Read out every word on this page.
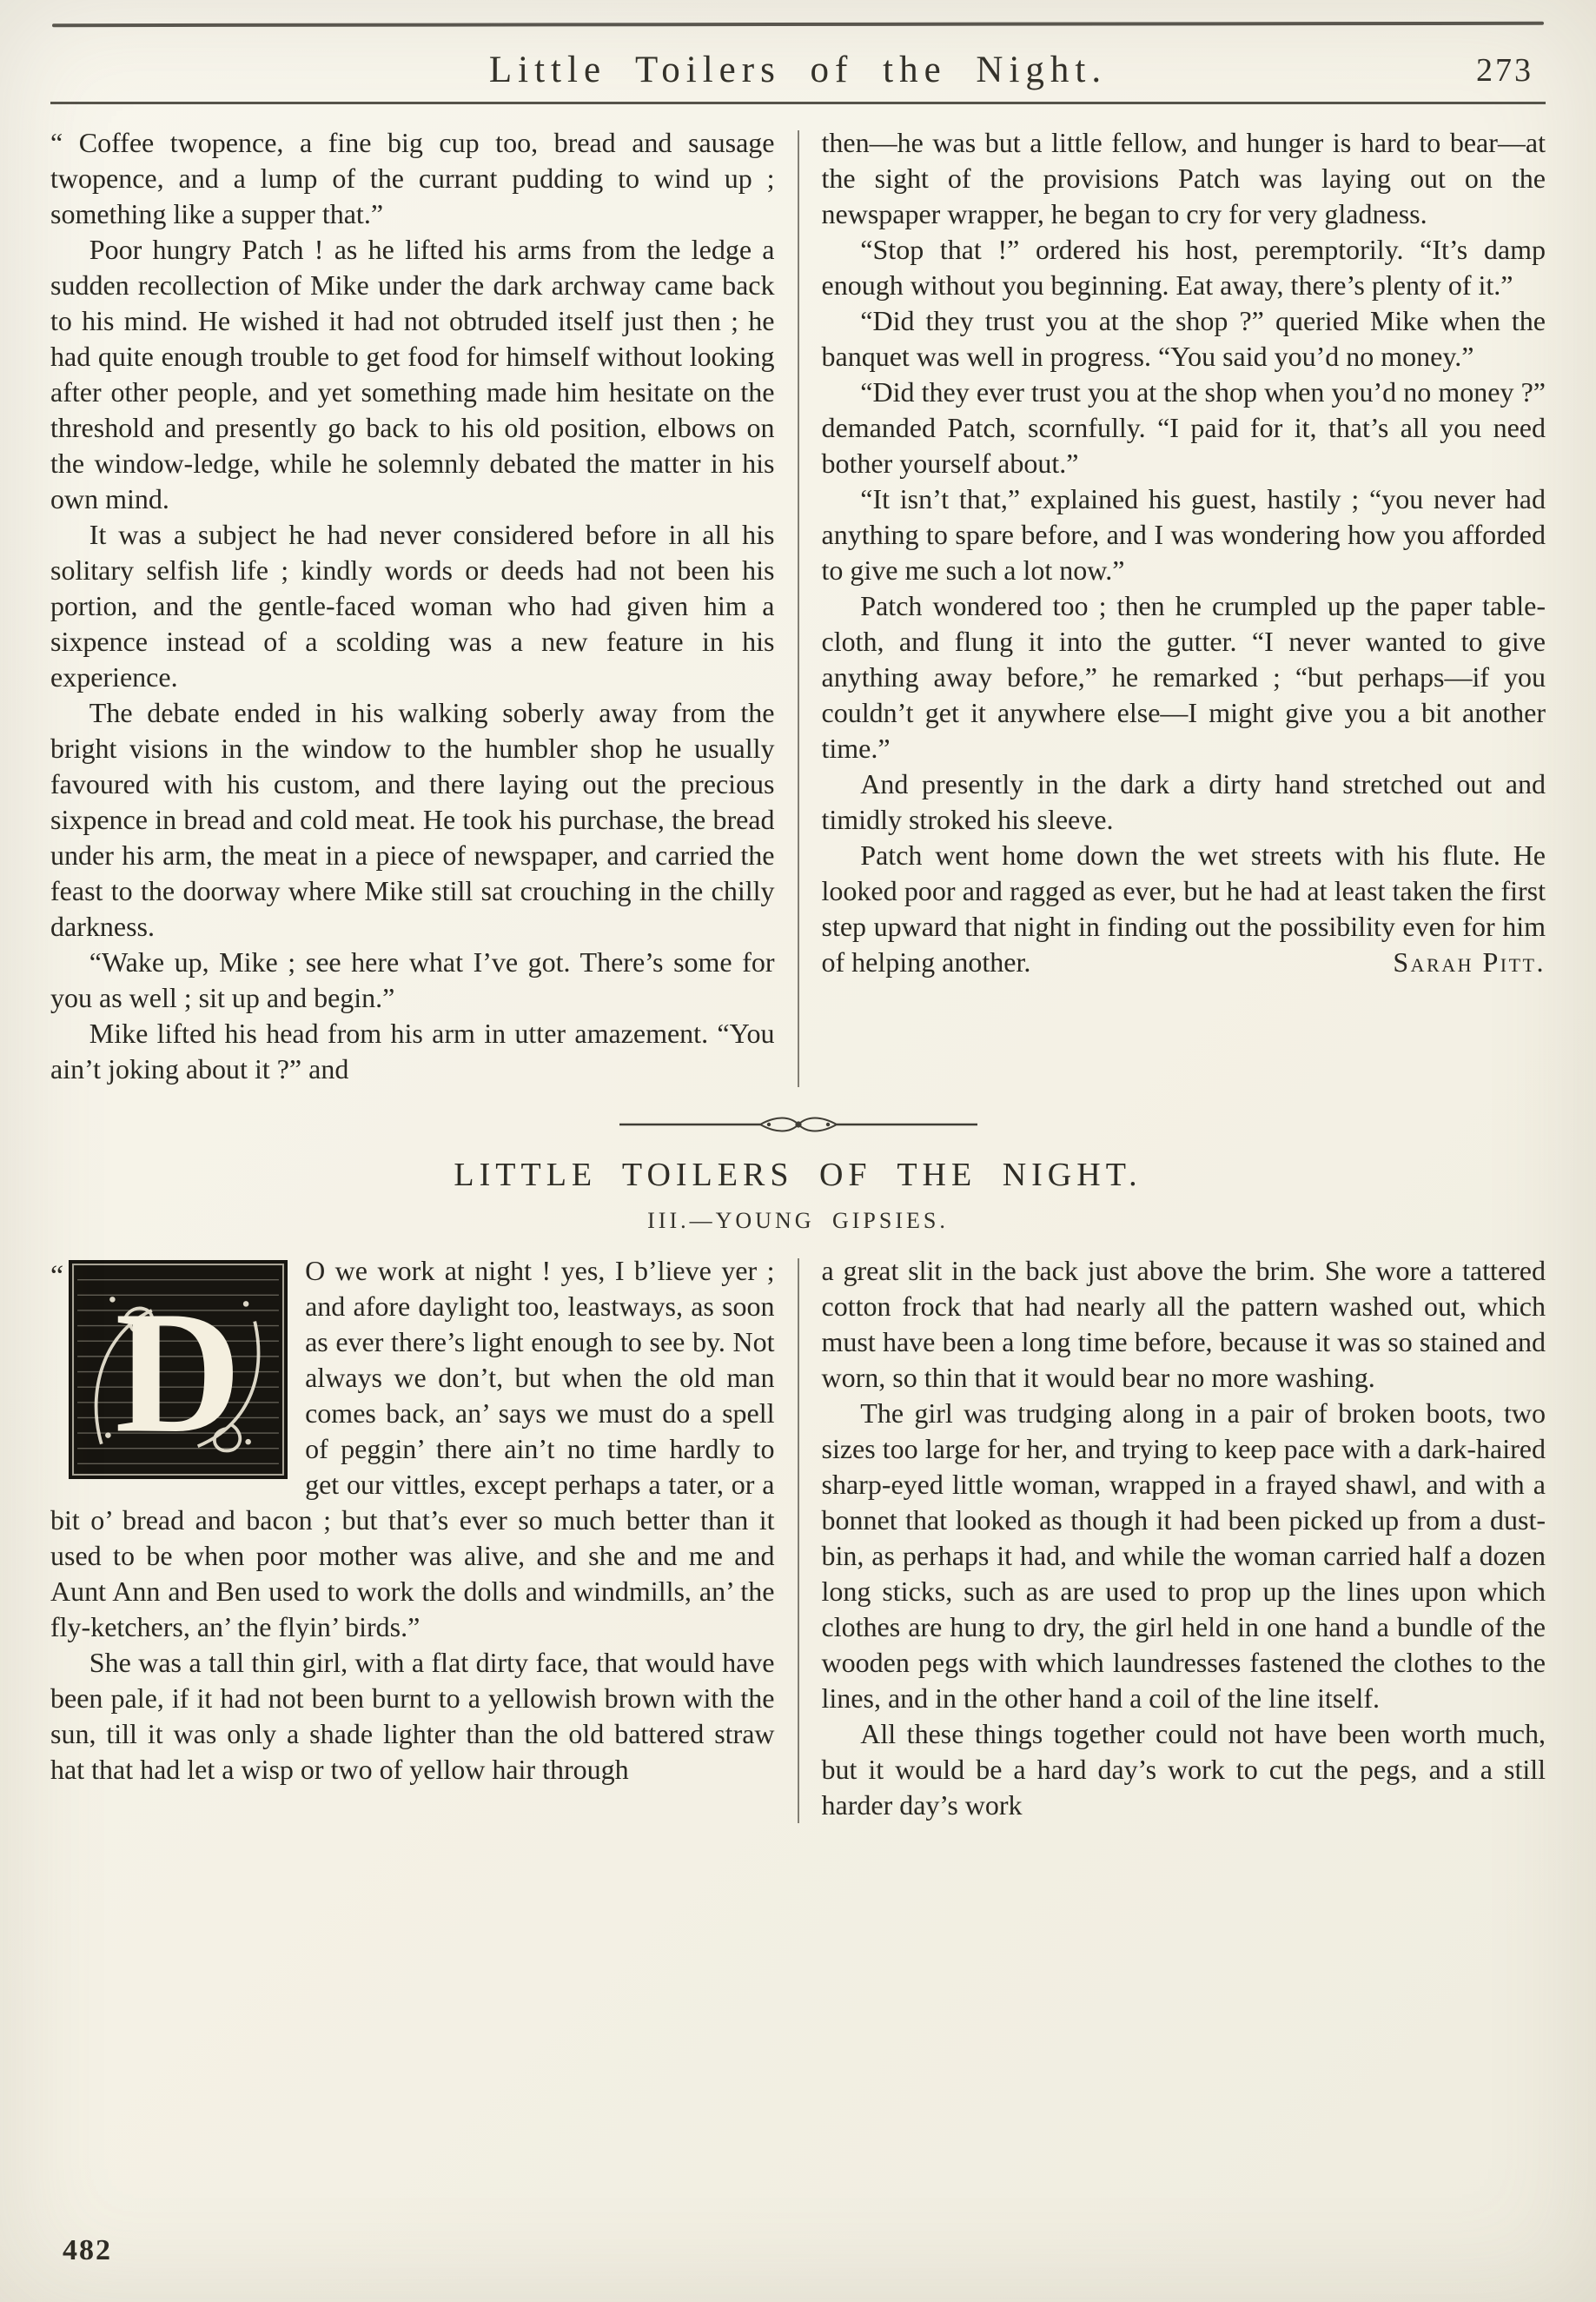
Little Toilers of the Night.	273

“ Coffee twopence, a fine big cup too, bread and sausage twopence, and a lump of the currant pudding to wind up ; something like a supper that.”

Poor hungry Patch ! as he lifted his arms from the ledge a sudden recollection of Mike under the dark archway came back to his mind. He wished it had not obtruded itself just then ; he had quite enough trouble to get food for himself without looking after other people, and yet something made him hesitate on the threshold and presently go back to his old position, elbows on the window-ledge, while he solemnly debated the matter in his own mind.

It was a subject he had never considered before in all his solitary selfish life ; kindly words or deeds had not been his portion, and the gentle-faced woman who had given him a sixpence instead of a scolding was a new feature in his experience.

The debate ended in his walking soberly away from the bright visions in the window to the humbler shop he usually favoured with his custom, and there laying out the precious sixpence in bread and cold meat. He took his purchase, the bread under his arm, the meat in a piece of newspaper, and carried the feast to the doorway where Mike still sat crouching in the chilly darkness.

“Wake up, Mike ; see here what I’ve got. There’s some for you as well ; sit up and begin.”

Mike lifted his head from his arm in utter amazement. “You ain’t joking about it ?” and

then—he was but a little fellow, and hunger is hard to bear—at the sight of the provisions Patch was laying out on the newspaper wrapper, he began to cry for very gladness.

“Stop that !” ordered his host, peremptorily. “It’s damp enough without you beginning. Eat away, there’s plenty of it.”

“Did they trust you at the shop ?” queried Mike when the banquet was well in progress. “You said you’d no money.”

“Did they ever trust you at the shop when you’d no money ?” demanded Patch, scornfully. “I paid for it, that’s all you need bother yourself about.”

“It isn’t that,” explained his guest, hastily ; “you never had anything to spare before, and I was wondering how you afforded to give me such a lot now.”

Patch wondered too ; then he crumpled up the paper table-cloth, and flung it into the gutter. “I never wanted to give anything away before,” he remarked ; “but perhaps—if you couldn’t get it anywhere else—I might give you a bit another time.”

And presently in the dark a dirty hand stretched out and timidly stroked his sleeve.

Patch went home down the wet streets with his flute. He looked poor and ragged as ever, but he had at least taken the first step upward that night in finding out the possibility even for him of helping another.	Sarah Pitt.

LITTLE TOILERS OF THE NIGHT.
III.—YOUNG GIPSIES.
“ D
O we work at night ! yes, I b’lieve yer ; and afore daylight too, leastways, as soon as ever there’s light enough to see by. Not always we don’t, but when the old man comes back, an’ says we must do a spell of peggin’ there ain’t no time hardly to get our vittles, except perhaps a tater, or a bit o’ bread and bacon ; but that’s ever so much better than it used to be when poor mother was alive, and she and me and Aunt Ann and Ben used to work the dolls and windmills, an’ the fly-ketchers, an’ the flyin’ birds.”

She was a tall thin girl, with a flat dirty face, that would have been pale, if it had not been burnt to a yellowish brown with the sun, till it was only a shade lighter than the old battered straw hat that had let a wisp or two of yellow hair through

a great slit in the back just above the brim. She wore a tattered cotton frock that had nearly all the pattern washed out, which must have been a long time before, because it was so stained and worn, so thin that it would bear no more washing.

The girl was trudging along in a pair of broken boots, two sizes too large for her, and trying to keep pace with a dark-haired sharp-eyed little woman, wrapped in a frayed shawl, and with a bonnet that looked as though it had been picked up from a dust-bin, as perhaps it had, and while the woman carried half a dozen long sticks, such as are used to prop up the lines upon which clothes are hung to dry, the girl held in one hand a bundle of the wooden pegs with which laundresses fastened the clothes to the lines, and in the other hand a coil of the line itself.

All these things together could not have been worth much, but it would be a hard day’s work to cut the pegs, and a still harder day’s work

482
